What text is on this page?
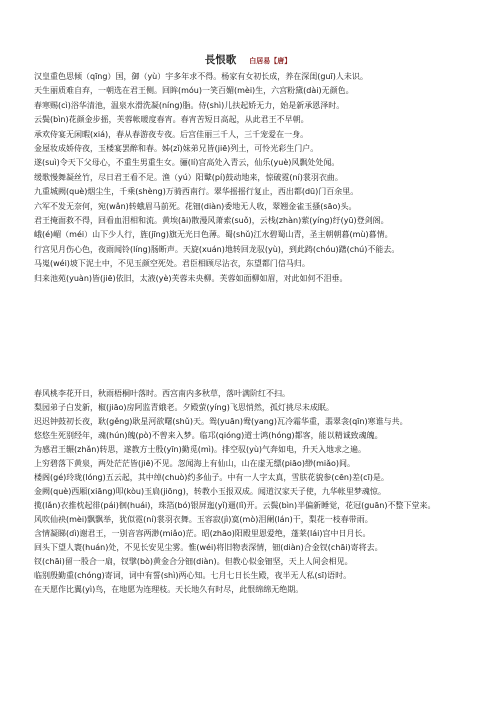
長恨歌 白居易【唐】
汉皇重色思倾（qīng）国，御（yù）宇多年求不得。杨家有女初长成，养在深闺(guī)人未识。
天生丽质难自弃，一朝选在君王侧。回眸(móu)一笑百媚(mèi)生，六宫粉黛(dài)无颜色。
春寒赐(cì)浴华清池，温泉水滑洗凝(níng)脂。侍(shì)儿扶起娇无力，始是新承恩泽时。
云鬓(bìn)花颜金步摇，芙蓉帐暖度春宵。春宵苦短日高起，从此君王不早朝。
承欢侍宴无闲暇(xiá)，春从春游夜专夜。后宫佳丽三千人，三千宠爱在一身。
金屋妆成娇侍夜，玉楼宴罢醉和春。姊(zǐ)妹弟兄皆(jiē)列土，可怜光彩生门户。
遂(suì)令天下父母心，不重生男重生女。骊(lí)宫高处入青云，仙乐(yuè)风飘处处闻。
缓歌慢舞凝丝竹，尽日君王看不足。渔（yú）阳鼙(pí)鼓动地来，惊破霓(ní)裳羽衣曲。
九重城阙(què)烟尘生，千乘(shèng)万骑西南行。翠华摇摇行复止，西出都(dū)门百余里。
六军不发无奈何，宛(wǎn)转蛾眉马前死。花钿(diàn)委地无人收，翠翘金雀玉搔(sāo)头。
君王掩面救不得，回看血泪相和流。黄埃(āi)散漫风萧索(suǒ)，云栈(zhàn)萦(yíng)纡(yū)登剑阁。
峨(é)嵋（méi）山下少人行，旌(jīng)旗无光日色薄。蜀(shǔ)江水碧蜀山青，圣主朝朝暮(mù)暮情。
行宫见月伤心色，夜雨闻铃(líng)肠断声。天旋(xuán)地转回龙驭(yù)，到此踌(chóu)躇(chú)不能去。
马嵬(wéi)坡下泥土中，不见玉颜空死处。君臣相顾尽沾衣，东望都门信马归。
归来池苑(yuàn)皆(jiē)依旧，太液(yè)芙蓉未央柳。芙蓉如面柳如眉，对此如何不泪垂。
春风桃李花开日，秋雨梧桐叶落时。西宫南内多秋草，落叶满阶红不扫。
梨园弟子白发新，椒(jiāo)房阿监青娥老。夕殿萤(yíng)飞思悄然，孤灯挑尽未成眠。
迟迟钟鼓初长夜，耿(gěng)耿星河欲曙(shǔ)天。鸳(yuān)鸯(yang)瓦冷霜华重，翡翠衾(qīn)寒谁与共。
悠悠生死别经年，魂(hún)魄(pò)不曾来入梦。临邛(qióng)道士鸿(hóng)都客，能以精诚致魂魄。
为感君王辗(zhǎn)转思，遂教方士殷(yīn)勤觅(mì)。排空驭(yù)气奔如电，升天入地求之遍。
上穷碧落下黄泉，两处茫茫皆(jiē)不见。忽闻海上有仙山，山在虚无缥(piāo)缈(miǎo)间。
楼阁(gé)玲珑(lóng)五云起，其中绰(chuò)约多仙子。中有一人字太真，雪肤花貌参(cēn)差(cī)是。
金阙(què)西厢(xiāng)叩(kòu)玉扃(jiōng)，转教小玉报双成。闻道汉家天子使，九华帐里梦魂惊。
揽(lǎn)衣推枕起徘(pái)徊(huái)，珠箔(bó)银屏迤(yǐ)逦(lǐ)开。云鬓(bìn)半偏新睡觉，花冠(guān)不整下堂来。
风吹仙袂(mèi)飘飘举，犹似霓(ní)裳羽衣舞。玉容寂(jì)寞(mò)泪阑(lán)干，梨花一枝春带雨。
含情凝睇(dì)谢君王，一别音容两渺(miǎo)茫。昭(zhāo)阳殿里恩爱绝，蓬莱(lái)宫中日月长。
回头下望人寰(huán)处，不见长安见尘雾。惟(wéi)将旧物表深情，钿(diàn)合金钗(chāi)寄将去。
钗(chāi)留一股合一扇，钗擘(bò)黄金合分钿(diàn)。但教心似金钿坚，天上人间会相见。
临别殷勤重(chóng)寄词，词中有誓(shì)两心知。七月七日长生殿，夜半无人私(sī)语时。
在天愿作比翼(yì)鸟，在地愿为连理枝。天长地久有时尽，此恨绵绵无绝期。
